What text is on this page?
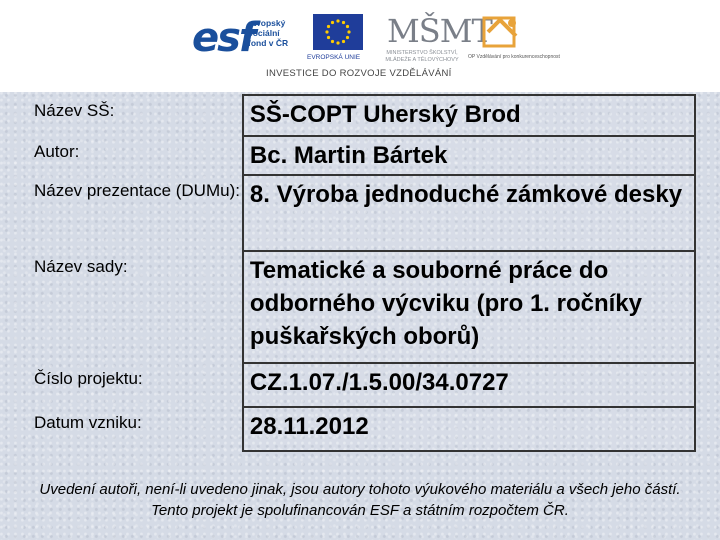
esf
evropský
sociální
fond v ČR
EVROPSKÁ UNIE
MŠMT
MINISTERSTVO ŠKOLSTVÍ,
MLÁDEŽE A TĚLOVÝCHOVY	OP Vzdělávání pro konkurenceschopnost
INVESTICE DO ROZVOJE VZDĚLÁVÁNÍ
Název SŠ:	SŠ-COPT Uherský Brod
Autor:	Bc. Martin Bártek
Název prezentace (DUMu):	8. Výroba jednoduché zámkové desky
Název sady:	Tematické a souborné práce do odborného výcviku (pro 1. ročníky puškařských oborů)
Číslo projektu:	CZ.1.07./1.5.00/34.0727
Datum vzniku:	28.11.2012
Uvedení autoři, není-li uvedeno jinak, jsou autory tohoto výukového materiálu a všech jeho částí. Tento projekt je spolufinancován ESF a státním rozpočtem ČR.
